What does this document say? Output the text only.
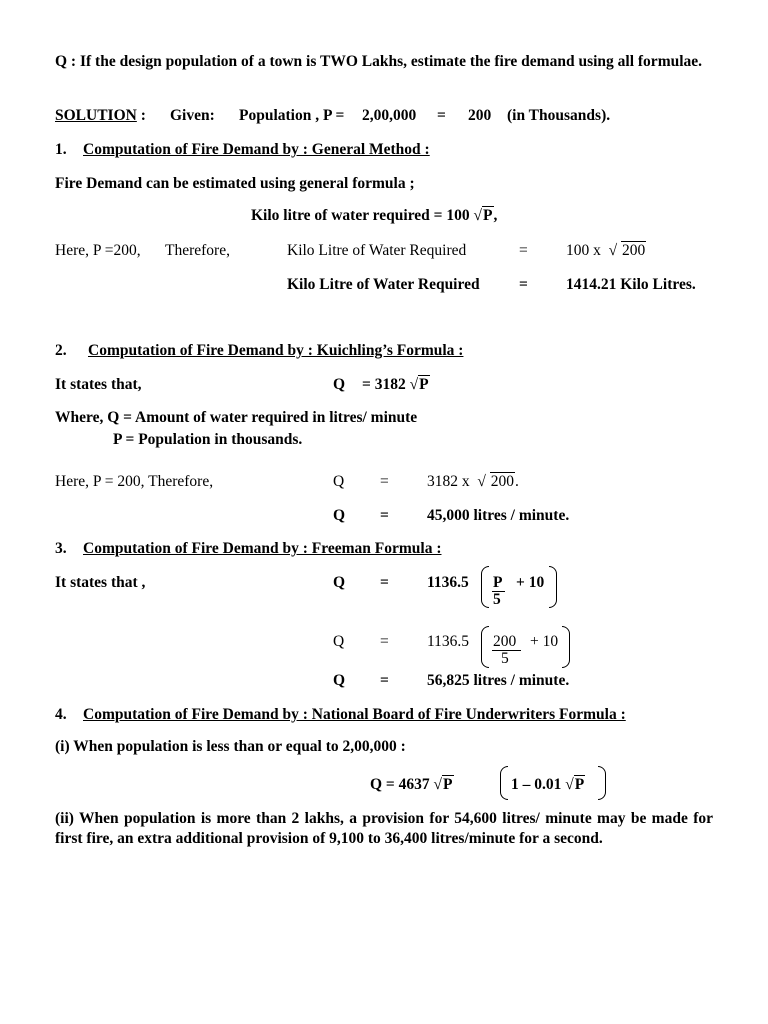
Q : If the design population of a town is TWO Lakhs, estimate the fire demand using all formulae.
SOLUTION : Given: Population , P = 2,00,000 = 200 (in Thousands).
1. Computation of Fire Demand by : General Method :
Fire Demand can be estimated using general formula ;
Kilo litre of water required = 100 √P,
Here, P =200, Therefore,	Kilo Litre of Water Required	= 100 x √ 200
Kilo Litre of Water Required	= 1414.21 Kilo Litres.
2. Computation of Fire Demand by : Kuichling’s Formula :
It states that,	Q = 3182 √P
Where, Q = Amount of water required in litres/ minute
P = Population in thousands.
Here, P = 200, Therefore,	Q = 3182 x √ 200.
Q = 45,000 litres / minute.
3. Computation of Fire Demand by : Freeman Formula :
It states that ,	Q = 1136.5 P
5
+ 10
Q = 1136.5 200
5
+ 10
Q = 56,825 litres / minute.
4. Computation of Fire Demand by : National Board of Fire Underwriters Formula :
(i) When population is less than or equal to 2,00,000 :
Q = 4637 √P	1 – 0.01 √P
(ii) When population is more than 2 lakhs, a provision for 54,600 litres/ minute may be made for first fire, an extra additional provision of 9,100 to 36,400 litres/minute for a second.
